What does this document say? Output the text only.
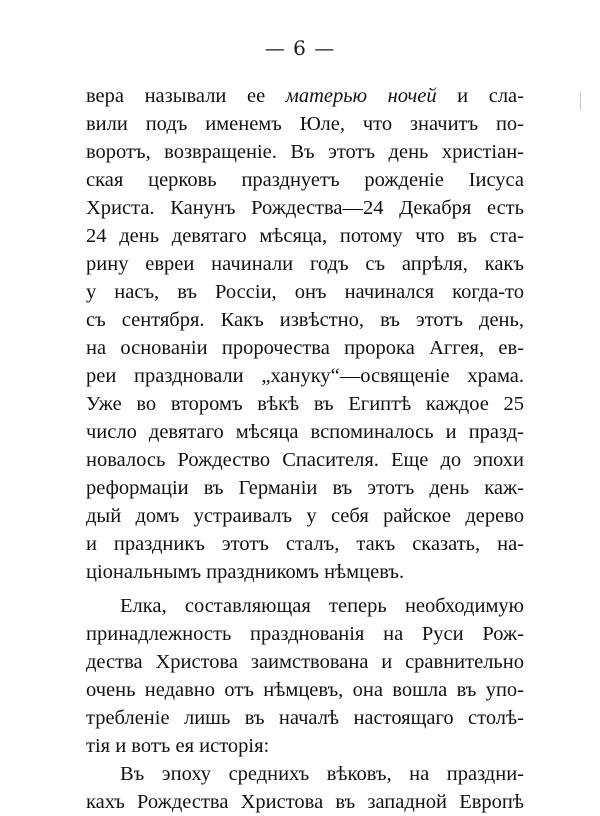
— 6 —
вера называли ее матерью ночей и сла-
вили подъ именемъ Юле, что значитъ по-
воротъ, возвращенiе. Въ этотъ день христiан-
ская церковь празднуетъ рожденiе Iисуса
Христа. Канунъ Рождества—24 Декабря есть
24 день девятаго мѣсяца, потому что въ ста-
рину евреи начинали годъ съ апрѣля, какъ
у насъ, въ Россiи, онъ начинался когда-то
съ сентября. Какъ извѣстно, въ этотъ день,
на основанiи пророчества пророка Аггея, ев-
реи праздновали „хануку“—освященiе храма.
Уже во второмъ вѣкѣ въ Египтѣ каждое 25
число девятаго мѣсяца вспоминалось и празд-
новалось Рождество Спасителя. Еще до эпохи
реформацiи въ Германiи въ этотъ день каж-
дый домъ устраивалъ у себя райское дерево
и праздникъ этотъ сталъ, такъ сказать, на-
цiональнымъ праздникомъ нѣмцевъ.
Елка, составляющая теперь необходимую
принадлежность празднованiя на Руси Рож-
дества Христова заимствована и сравнительно
очень недавно отъ нѣмцевъ, она вошла въ упо-
требленiе лишь въ началѣ настоящаго столѣ-
тiя и вотъ ея исторiя:
Въ эпоху среднихъ вѣковъ, на праздни-
кахъ Рождества Христова въ западной Европѣ
